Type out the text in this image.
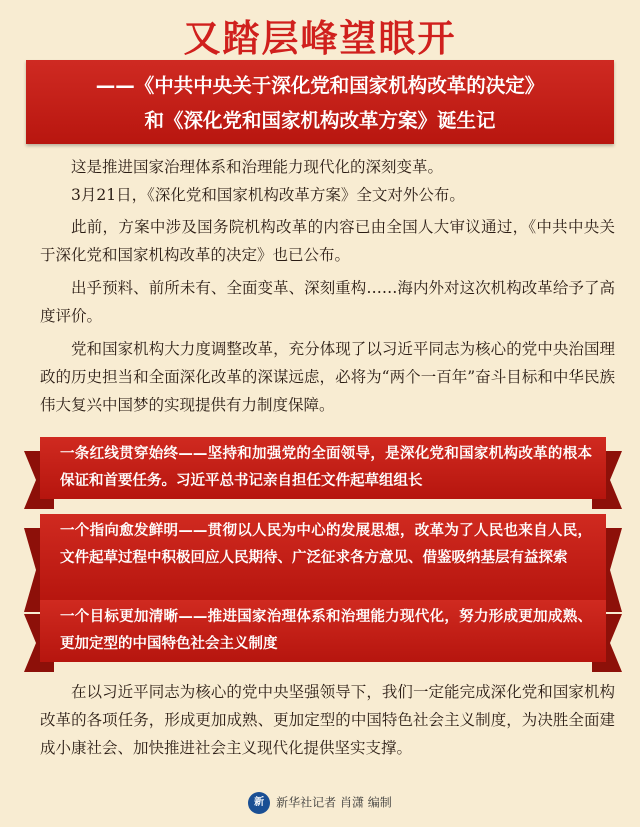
又踏层峰望眼开
——《中共中央关于深化党和国家机构改革的决定》
和《深化党和国家机构改革方案》诞生记

这是推进国家治理体系和治理能力现代化的深刻变革。

3月21日，《深化党和国家机构改革方案》全文对外公布。

此前，方案中涉及国务院机构改革的内容已由全国人大审议通过，《中共中央关于深化党和国家机构改革的决定》也已公布。

出乎预料、前所未有、全面变革、深刻重构……海内外对这次机构改革给予了高度评价。

党和国家机构大力度调整改革，充分体现了以习近平同志为核心的党中央治国理政的历史担当和全面深化改革的深谋远虑，必将为“两个一百年”奋斗目标和中华民族伟大复兴中国梦的实现提供有力制度保障。

一条红线贯穿始终——坚持和加强党的全面领导，是深化党和国家机构改革的根本保证和首要任务。习近平总书记亲自担任文件起草组组长
一个指向愈发鲜明——贯彻以人民为中心的发展思想，改革为了人民也来自人民，文件起草过程中积极回应人民期待、广泛征求各方意见、借鉴吸纳基层有益探索
一个目标更加清晰——推进国家治理体系和治理能力现代化，努力形成更加成熟、更加定型的中国特色社会主义制度

在以习近平同志为核心的党中央坚强领导下，我们一定能完成深化党和国家机构改革的各项任务，形成更加成熟、更加定型的中国特色社会主义制度，为决胜全面建成小康社会、加快推进社会主义现代化提供坚实支撑。

新 新华社记者 肖潇 编制
